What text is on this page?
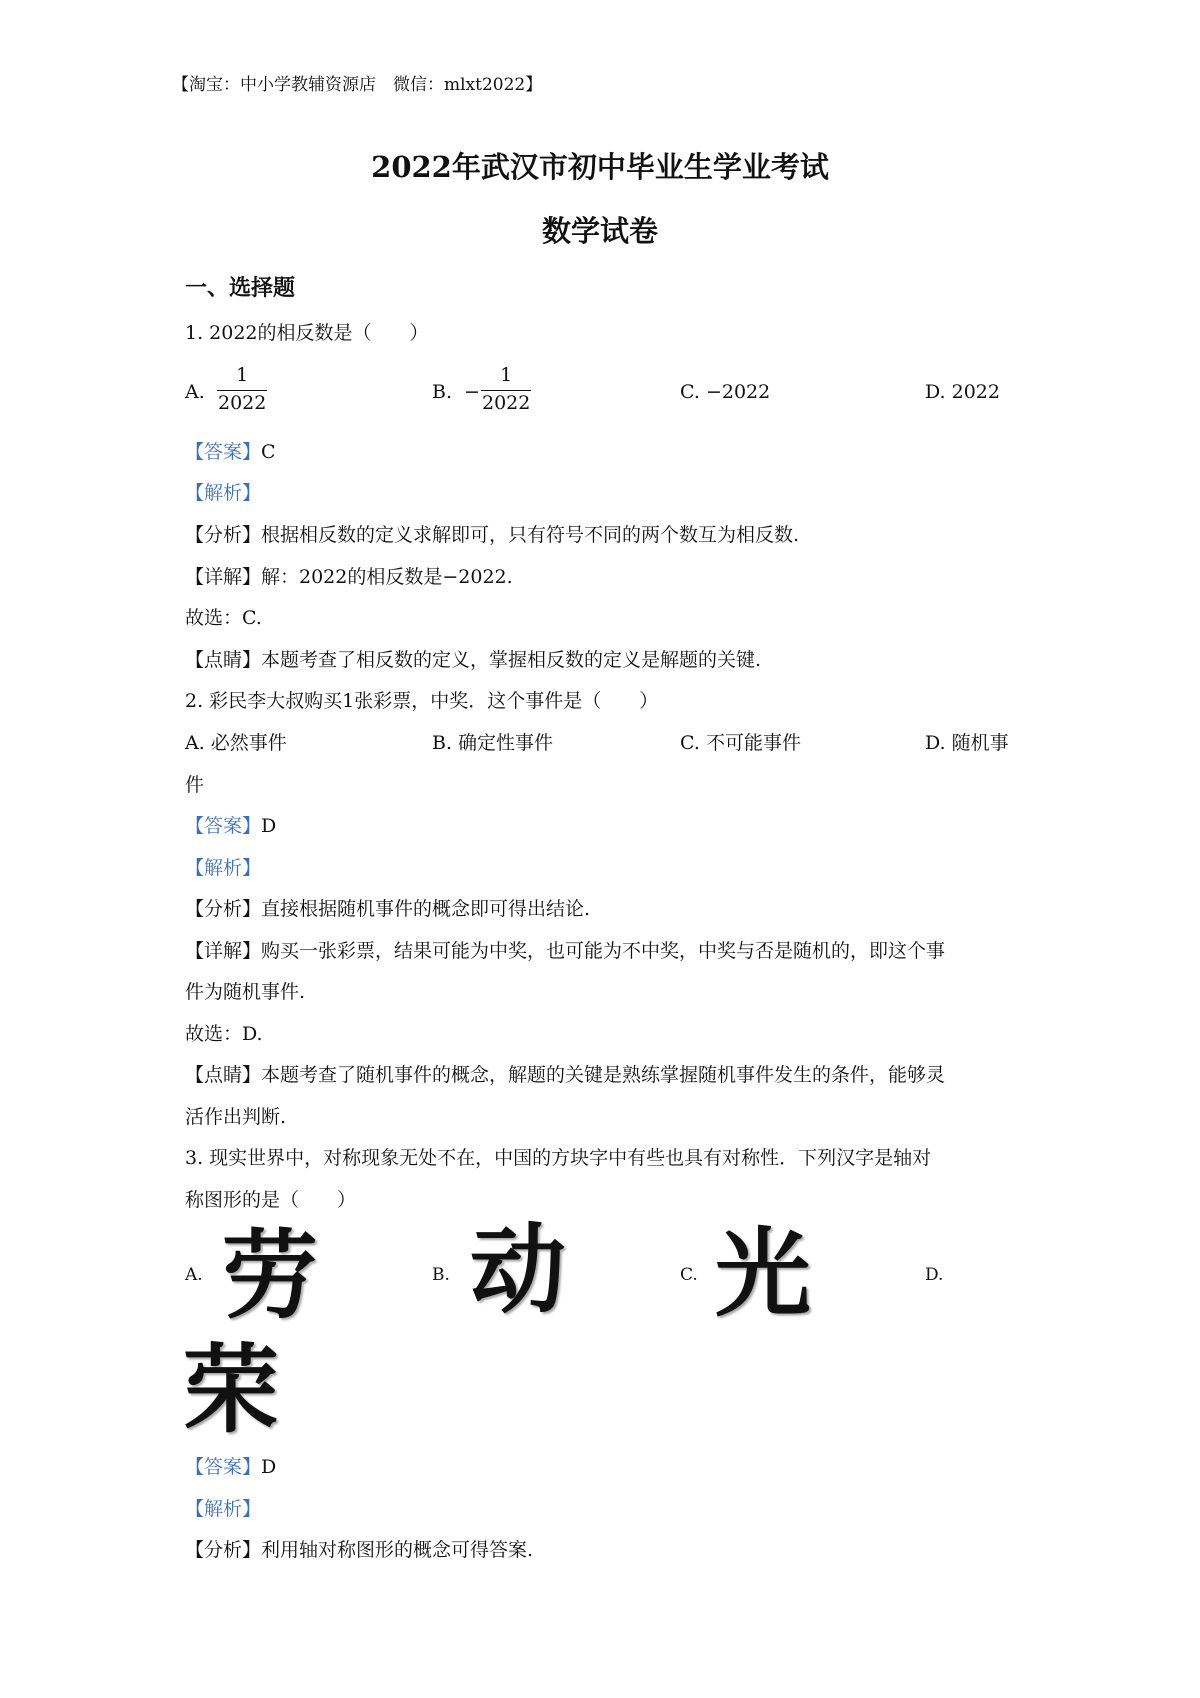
【淘宝：中小学教辅资源店　微信：mlxt2022】
2022年武汉市初中毕业生学业考试
数学试卷
一、选择题
1. 2022的相反数是（　　）
A.
1
2022	B. −
1
2022	C. −2022	D. 2022
【答案】C
【解析】
【分析】根据相反数的定义求解即可，只有符号不同的两个数互为相反数.
【详解】解：2022的相反数是−2022.
故选：C.
【点睛】本题考查了相反数的定义，掌握相反数的定义是解题的关键.
2. 彩民李大叔购买1张彩票，中奖．这个事件是（　　）
A. 必然事件	B. 确定性事件	C. 不可能事件	D. 随机事
件
【答案】D
【解析】
【分析】直接根据随机事件的概念即可得出结论.
【详解】购买一张彩票，结果可能为中奖，也可能为不中奖，中奖与否是随机的，即这个事
件为随机事件.
故选：D.
【点睛】本题考查了随机事件的概念，解题的关键是熟练掌握随机事件发生的条件，能够灵
活作出判断.
3. 现实世界中，对称现象无处不在，中国的方块字中有些也具有对称性．下列汉字是轴对
称图形的是（　　）
A. 劳	B. 动	C. 光	D.
荣
【答案】D
【解析】
【分析】利用轴对称图形的概念可得答案.
